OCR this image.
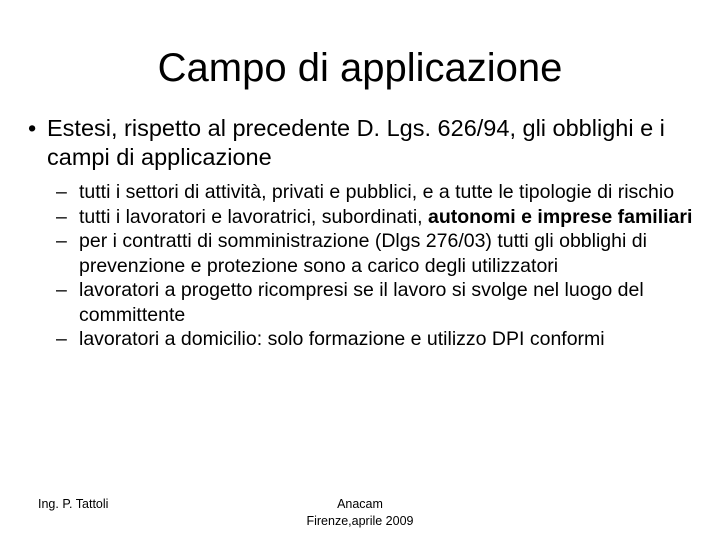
Campo di applicazione
• Estesi, rispetto al precedente D. Lgs. 626/94, gli obblighi e i campi di applicazione
– tutti i settori di attività, privati e pubblici, e a tutte le tipologie di rischio
– tutti i lavoratori e lavoratrici, subordinati, autonomi e imprese familiari
– per i contratti di somministrazione (Dlgs 276/03) tutti gli obblighi di prevenzione e protezione sono a carico degli utilizzatori
– lavoratori a progetto ricompresi se il lavoro si svolge nel luogo del committente
– lavoratori a domicilio: solo formazione e utilizzo DPI conformi
Ing. P. Tattoli	Anacam
Firenze,aprile 2009
